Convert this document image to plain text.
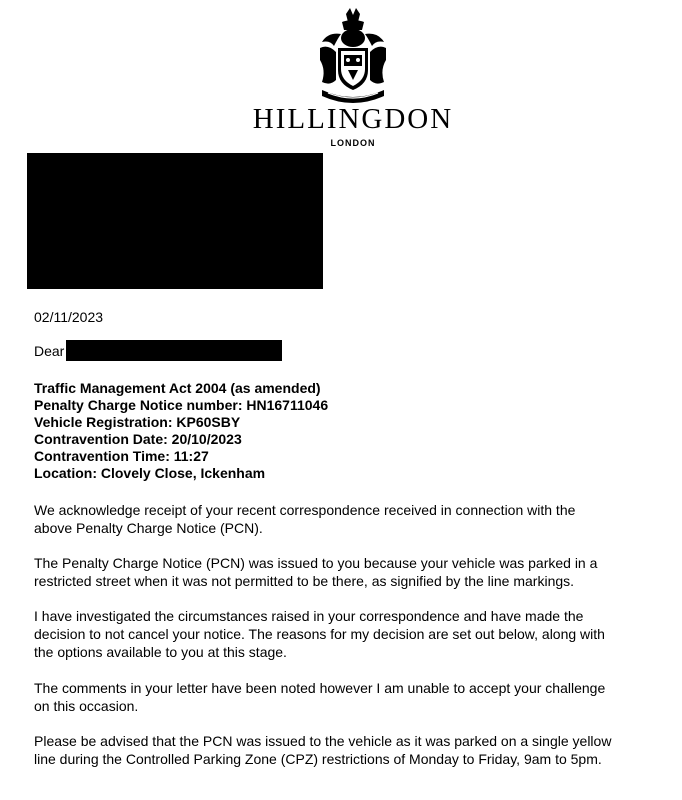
HILLINGDON
LONDON
02/11/2023
Dear
Traffic Management Act 2004 (as amended)
Penalty Charge Notice number: HN16711046
Vehicle Registration: KP60SBY
Contravention Date: 20/10/2023
Contravention Time: 11:27
Location: Clovely Close, Ickenham
We acknowledge receipt of your recent correspondence received in connection with the
above Penalty Charge Notice (PCN).
The Penalty Charge Notice (PCN) was issued to you because your vehicle was parked in a
restricted street when it was not permitted to be there, as signified by the line markings.
I have investigated the circumstances raised in your correspondence and have made the
decision to not cancel your notice. The reasons for my decision are set out below, along with
the options available to you at this stage.
The comments in your letter have been noted however I am unable to accept your challenge
on this occasion.
Please be advised that the PCN was issued to the vehicle as it was parked on a single yellow
line during the Controlled Parking Zone (CPZ) restrictions of Monday to Friday, 9am to 5pm.
